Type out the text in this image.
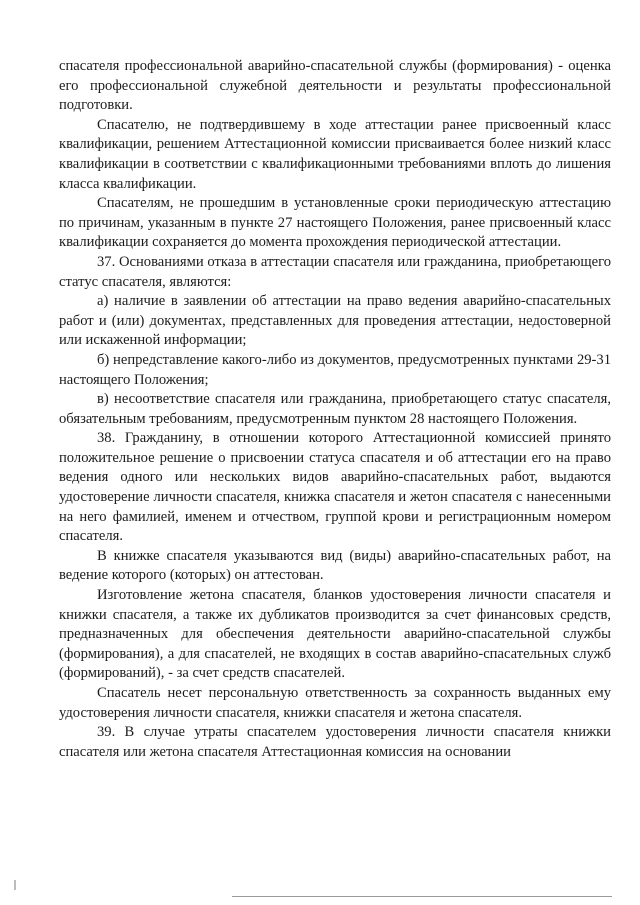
спасателя профессиональной аварийно-спасательной службы (формирования) - оценка его профессиональной служебной деятельности и результаты профессиональной подготовки.

Спасателю, не подтвердившему в ходе аттестации ранее присвоенный класс квалификации, решением Аттестационной комиссии присваивается более низкий класс квалификации в соответствии с квалификационными требованиями вплоть до лишения класса квалификации.

Спасателям, не прошедшим в установленные сроки периодическую аттестацию по причинам, указанным в пункте 27 настоящего Положения, ранее присвоенный класс квалификации сохраняется до момента прохождения периодической аттестации.

37. Основаниями отказа в аттестации спасателя или гражданина, приобретающего статус спасателя, являются:

а) наличие в заявлении об аттестации на право ведения аварийно-спасательных работ и (или) документах, представленных для проведения аттестации, недостоверной или искаженной информации;

б) непредставление какого-либо из документов, предусмотренных пунктами 29-31 настоящего Положения;

в) несоответствие спасателя или гражданина, приобретающего статус спасателя, обязательным требованиям, предусмотренным пунктом 28 настоящего Положения.

38. Гражданину, в отношении которого Аттестационной комиссией принято положительное решение о присвоении статуса спасателя и об аттестации его на право ведения одного или нескольких видов аварийно-спасательных работ, выдаются удостоверение личности спасателя, книжка спасателя и жетон спасателя с нанесенными на него фамилией, именем и отчеством, группой крови и регистрационным номером спасателя.

В книжке спасателя указываются вид (виды) аварийно-спасательных работ, на ведение которого (которых) он аттестован.

Изготовление жетона спасателя, бланков удостоверения личности спасателя и книжки спасателя, а также их дубликатов производится за счет финансовых средств, предназначенных для обеспечения деятельности аварийно-спасательной службы (формирования), а для спасателей, не входящих в состав аварийно-спасательных служб (формирований), - за счет средств спасателей.

Спасатель несет персональную ответственность за сохранность выданных ему удостоверения личности спасателя, книжки спасателя и жетона спасателя.

39. В случае утраты спасателем удостоверения личности спасателя книжки спасателя или жетона спасателя Аттестационная комиссия на основании
